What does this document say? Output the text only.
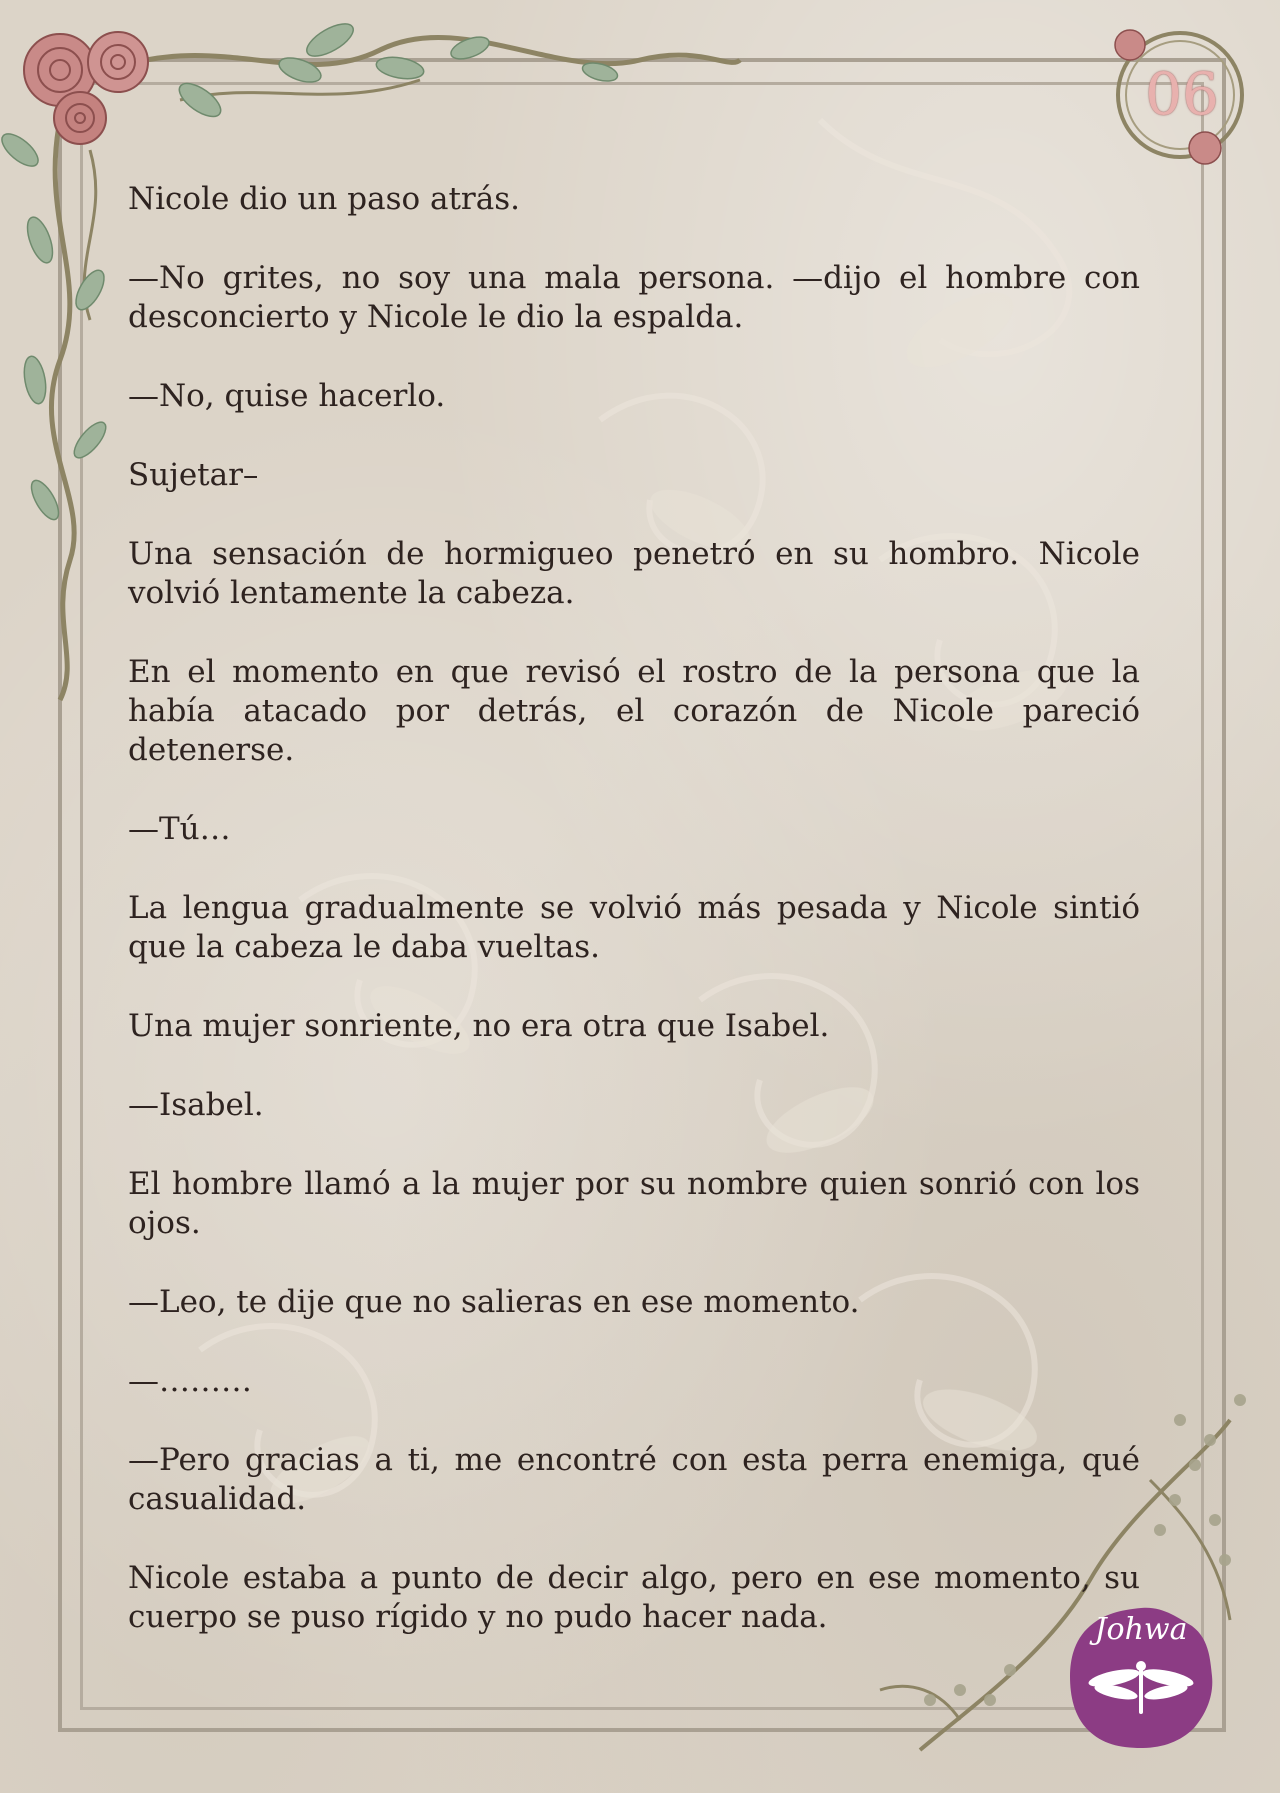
06
Johwa

Nicole dio un paso atrás.

—No grites, no soy una mala persona. —dijo el hombre con desconcierto y Nicole le dio la espalda.

—No, quise hacerlo.

Sujetar–

Una sensación de hormigueo penetró en su hombro. Nicole volvió lentamente la cabeza.

En el momento en que revisó el rostro de la persona que la había atacado por detrás, el corazón de Nicole pareció detenerse.

—Tú…

La lengua gradualmente se volvió más pesada y Nicole sintió que la cabeza le daba vueltas.

Una mujer sonriente, no era otra que Isabel.

—Isabel.

El hombre llamó a la mujer por su nombre quien sonrió con los ojos.

—Leo, te dije que no salieras en ese momento.

—………

—Pero gracias a ti, me encontré con esta perra enemiga, qué casualidad.

Nicole estaba a punto de decir algo, pero en ese momento, su cuerpo se puso rígido y no pudo hacer nada.
